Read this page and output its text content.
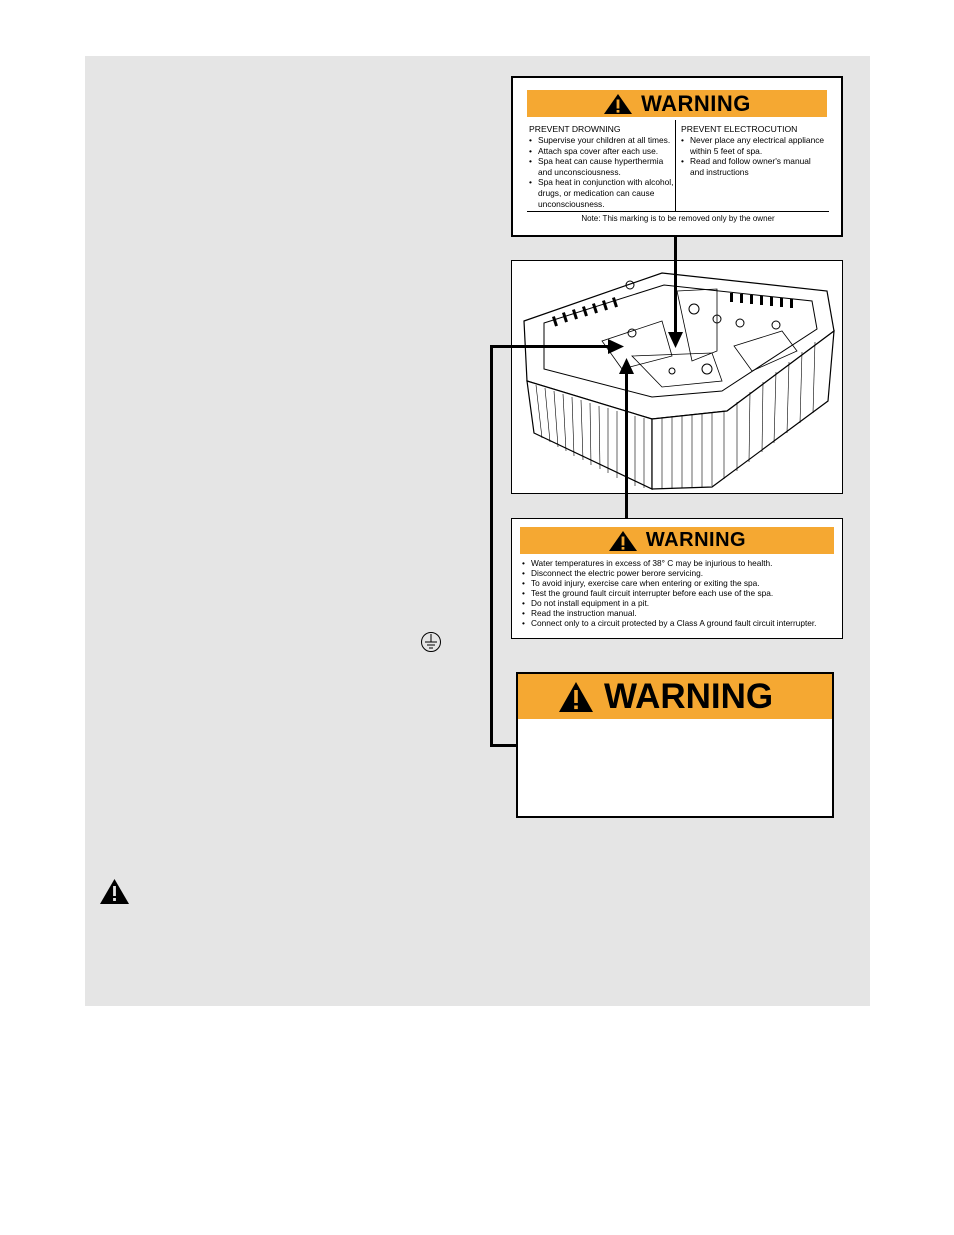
WARNING
PREVENT DROWNING
• Supervise your children at all times.
• Attach spa cover after each use.
• Spa heat can cause hyperthermia and unconsciousness.
• Spa heat in conjunction with alcohol, drugs, or medication can cause unconsciousness.
PREVENT ELECTROCUTION
• Never place any electrical appliance within 5 feet of spa.
• Read and follow owner's manual and instructions
Note: This marking is to be removed only by the owner
WARNING
• Water temperatures in excess of 38° C may be injurious to health.
• Disconnect the electric power berore servicing.
• To avoid injury, exercise care when entering or exiting the spa.
• Test the ground fault circuit interrupter before each use of the spa.
• Do not install equipment in a pit.
• Read the instruction manual.
• Connect only to a circuit protected by a Class A ground fault circuit interrupter.
WARNING
